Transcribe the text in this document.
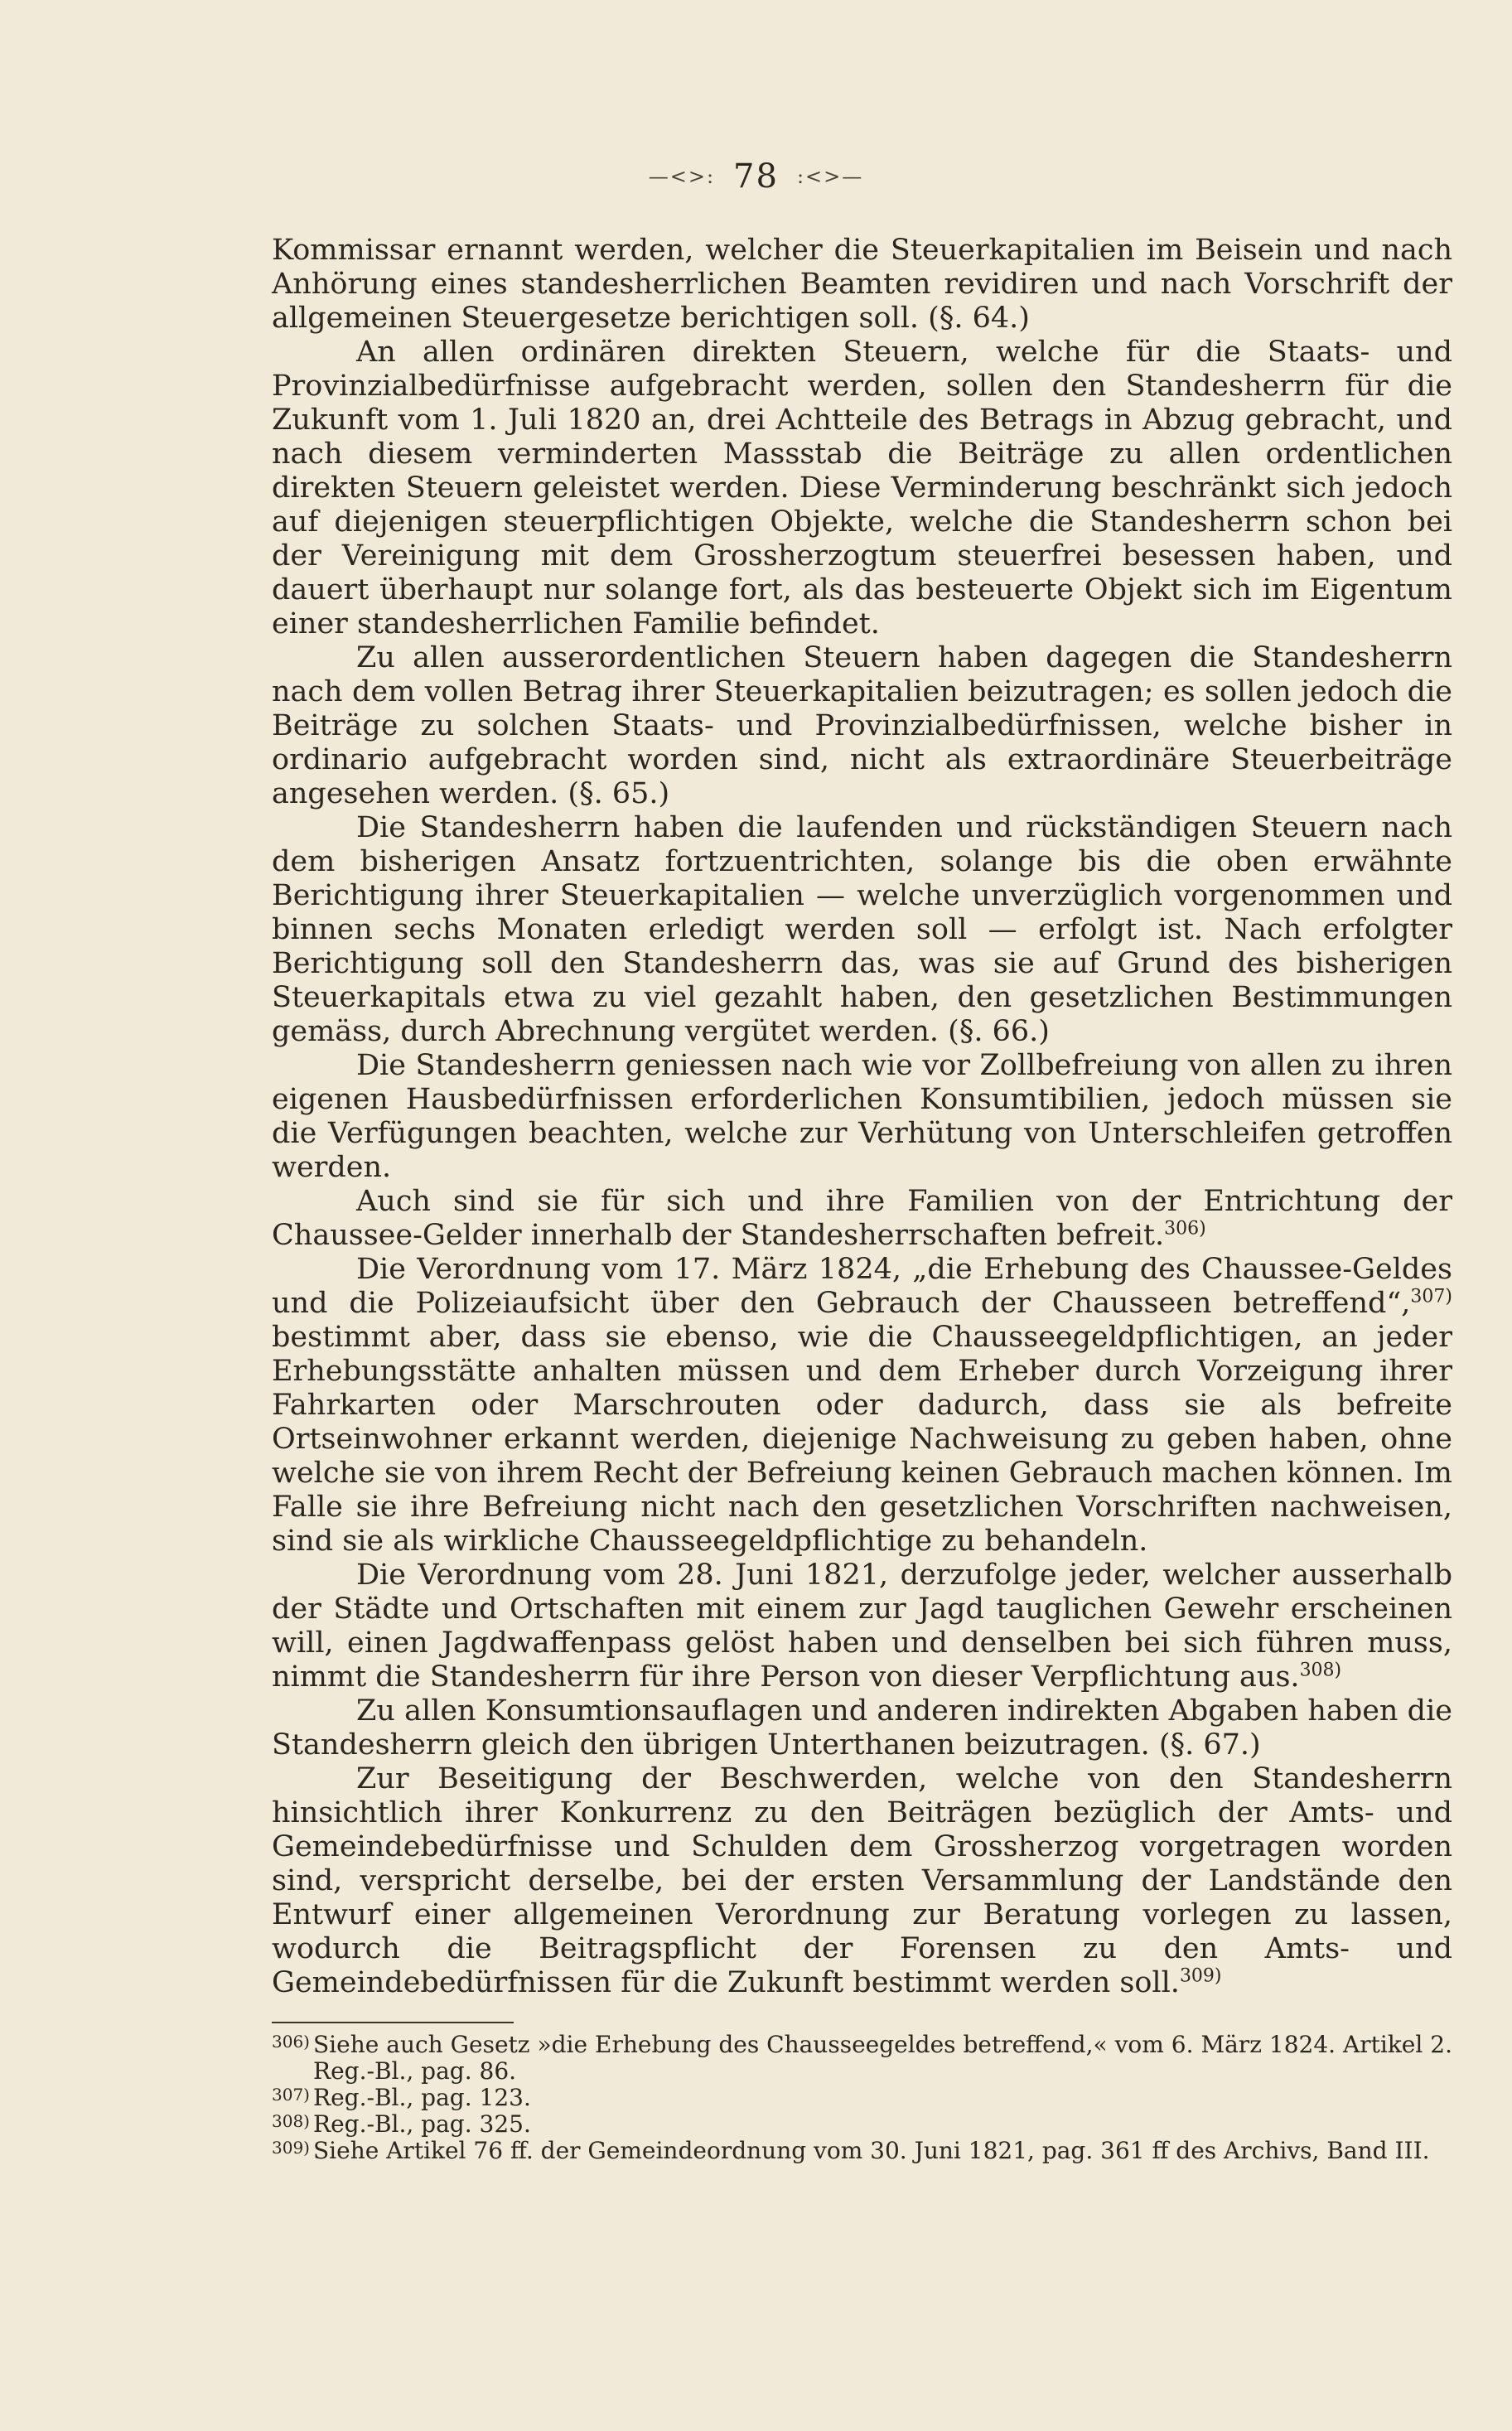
—<>: 78 :<>—

Kommissar ernannt werden, welcher die Steuerkapitalien im Beisein und nach Anhörung eines standesherrlichen Beamten revidiren und nach Vorschrift der allgemeinen Steuergesetze berichtigen soll. (§. 64.)

An allen ordinären direkten Steuern, welche für die Staats- und Provinzialbedürfnisse aufgebracht werden, sollen den Standesherrn für die Zukunft vom 1. Juli 1820 an, drei Achtteile des Betrags in Abzug gebracht, und nach diesem verminderten Massstab die Beiträge zu allen ordentlichen direkten Steuern geleistet werden. Diese Verminderung beschränkt sich jedoch auf diejenigen steuerpflichtigen Objekte, welche die Standesherrn schon bei der Vereinigung mit dem Grossherzogtum steuerfrei besessen haben, und dauert überhaupt nur solange fort, als das besteuerte Objekt sich im Eigentum einer standesherrlichen Familie befindet.

Zu allen ausserordentlichen Steuern haben dagegen die Standesherrn nach dem vollen Betrag ihrer Steuerkapitalien beizutragen; es sollen jedoch die Beiträge zu solchen Staats- und Provinzialbedürfnissen, welche bisher in ordinario aufgebracht worden sind, nicht als extraordinäre Steuerbeiträge angesehen werden. (§. 65.)

Die Standesherrn haben die laufenden und rückständigen Steuern nach dem bisherigen Ansatz fortzuentrichten, solange bis die oben erwähnte Berichtigung ihrer Steuerkapitalien — welche unverzüglich vorgenommen und binnen sechs Monaten erledigt werden soll — erfolgt ist. Nach erfolgter Berichtigung soll den Standesherrn das, was sie auf Grund des bisherigen Steuerkapitals etwa zu viel gezahlt haben, den gesetzlichen Bestimmungen gemäss, durch Abrechnung vergütet werden. (§. 66.)

Die Standesherrn geniessen nach wie vor Zollbefreiung von allen zu ihren eigenen Hausbedürfnissen erforderlichen Konsumtibilien, jedoch müssen sie die Verfügungen beachten, welche zur Verhütung von Unterschleifen getroffen werden.

Auch sind sie für sich und ihre Familien von der Entrichtung der Chaussee-Gelder innerhalb der Standesherrschaften befreit.$^{306)}$

Die Verordnung vom 17. März 1824, „die Erhebung des Chaussee-Geldes und die Polizeiaufsicht über den Gebrauch der Chausseen betreffend“,$^{307)}$ bestimmt aber, dass sie ebenso, wie die Chausseegeldpflichtigen, an jeder Erhebungsstätte anhalten müssen und dem Erheber durch Vorzeigung ihrer Fahrkarten oder Marschrouten oder dadurch, dass sie als befreite Ortseinwohner erkannt werden, diejenige Nachweisung zu geben haben, ohne welche sie von ihrem Recht der Befreiung keinen Gebrauch machen können. Im Falle sie ihre Befreiung nicht nach den gesetzlichen Vorschriften nachweisen, sind sie als wirkliche Chausseegeldpflichtige zu behandeln.

Die Verordnung vom 28. Juni 1821, derzufolge jeder, welcher ausserhalb der Städte und Ortschaften mit einem zur Jagd tauglichen Gewehr erscheinen will, einen Jagdwaffenpass gelöst haben und denselben bei sich führen muss, nimmt die Standesherrn für ihre Person von dieser Verpflichtung aus.$^{308)}$

Zu allen Konsumtionsauflagen und anderen indirekten Abgaben haben die Standesherrn gleich den übrigen Unterthanen beizutragen. (§. 67.)

Zur Beseitigung der Beschwerden, welche von den Standesherrn hinsichtlich ihrer Konkurrenz zu den Beiträgen bezüglich der Amts- und Gemeindebedürfnisse und Schulden dem Grossherzog vorgetragen worden sind, verspricht derselbe, bei der ersten Versammlung der Landstände den Entwurf einer allgemeinen Verordnung zur Beratung vorlegen zu lassen, wodurch die Beitragspflicht der Forensen zu den Amts- und Gemeindebedürfnissen für die Zukunft bestimmt werden soll.$^{309)}$

306) Siehe auch Gesetz »die Erhebung des Chausseegeldes betreffend,« vom 6. März 1824. Artikel 2. Reg.-Bl., pag. 86.
307) Reg.-Bl., pag. 123.
308) Reg.-Bl., pag. 325.
309) Siehe Artikel 76 ff. der Gemeindeordnung vom 30. Juni 1821, pag. 361 ff des Archivs, Band III.
